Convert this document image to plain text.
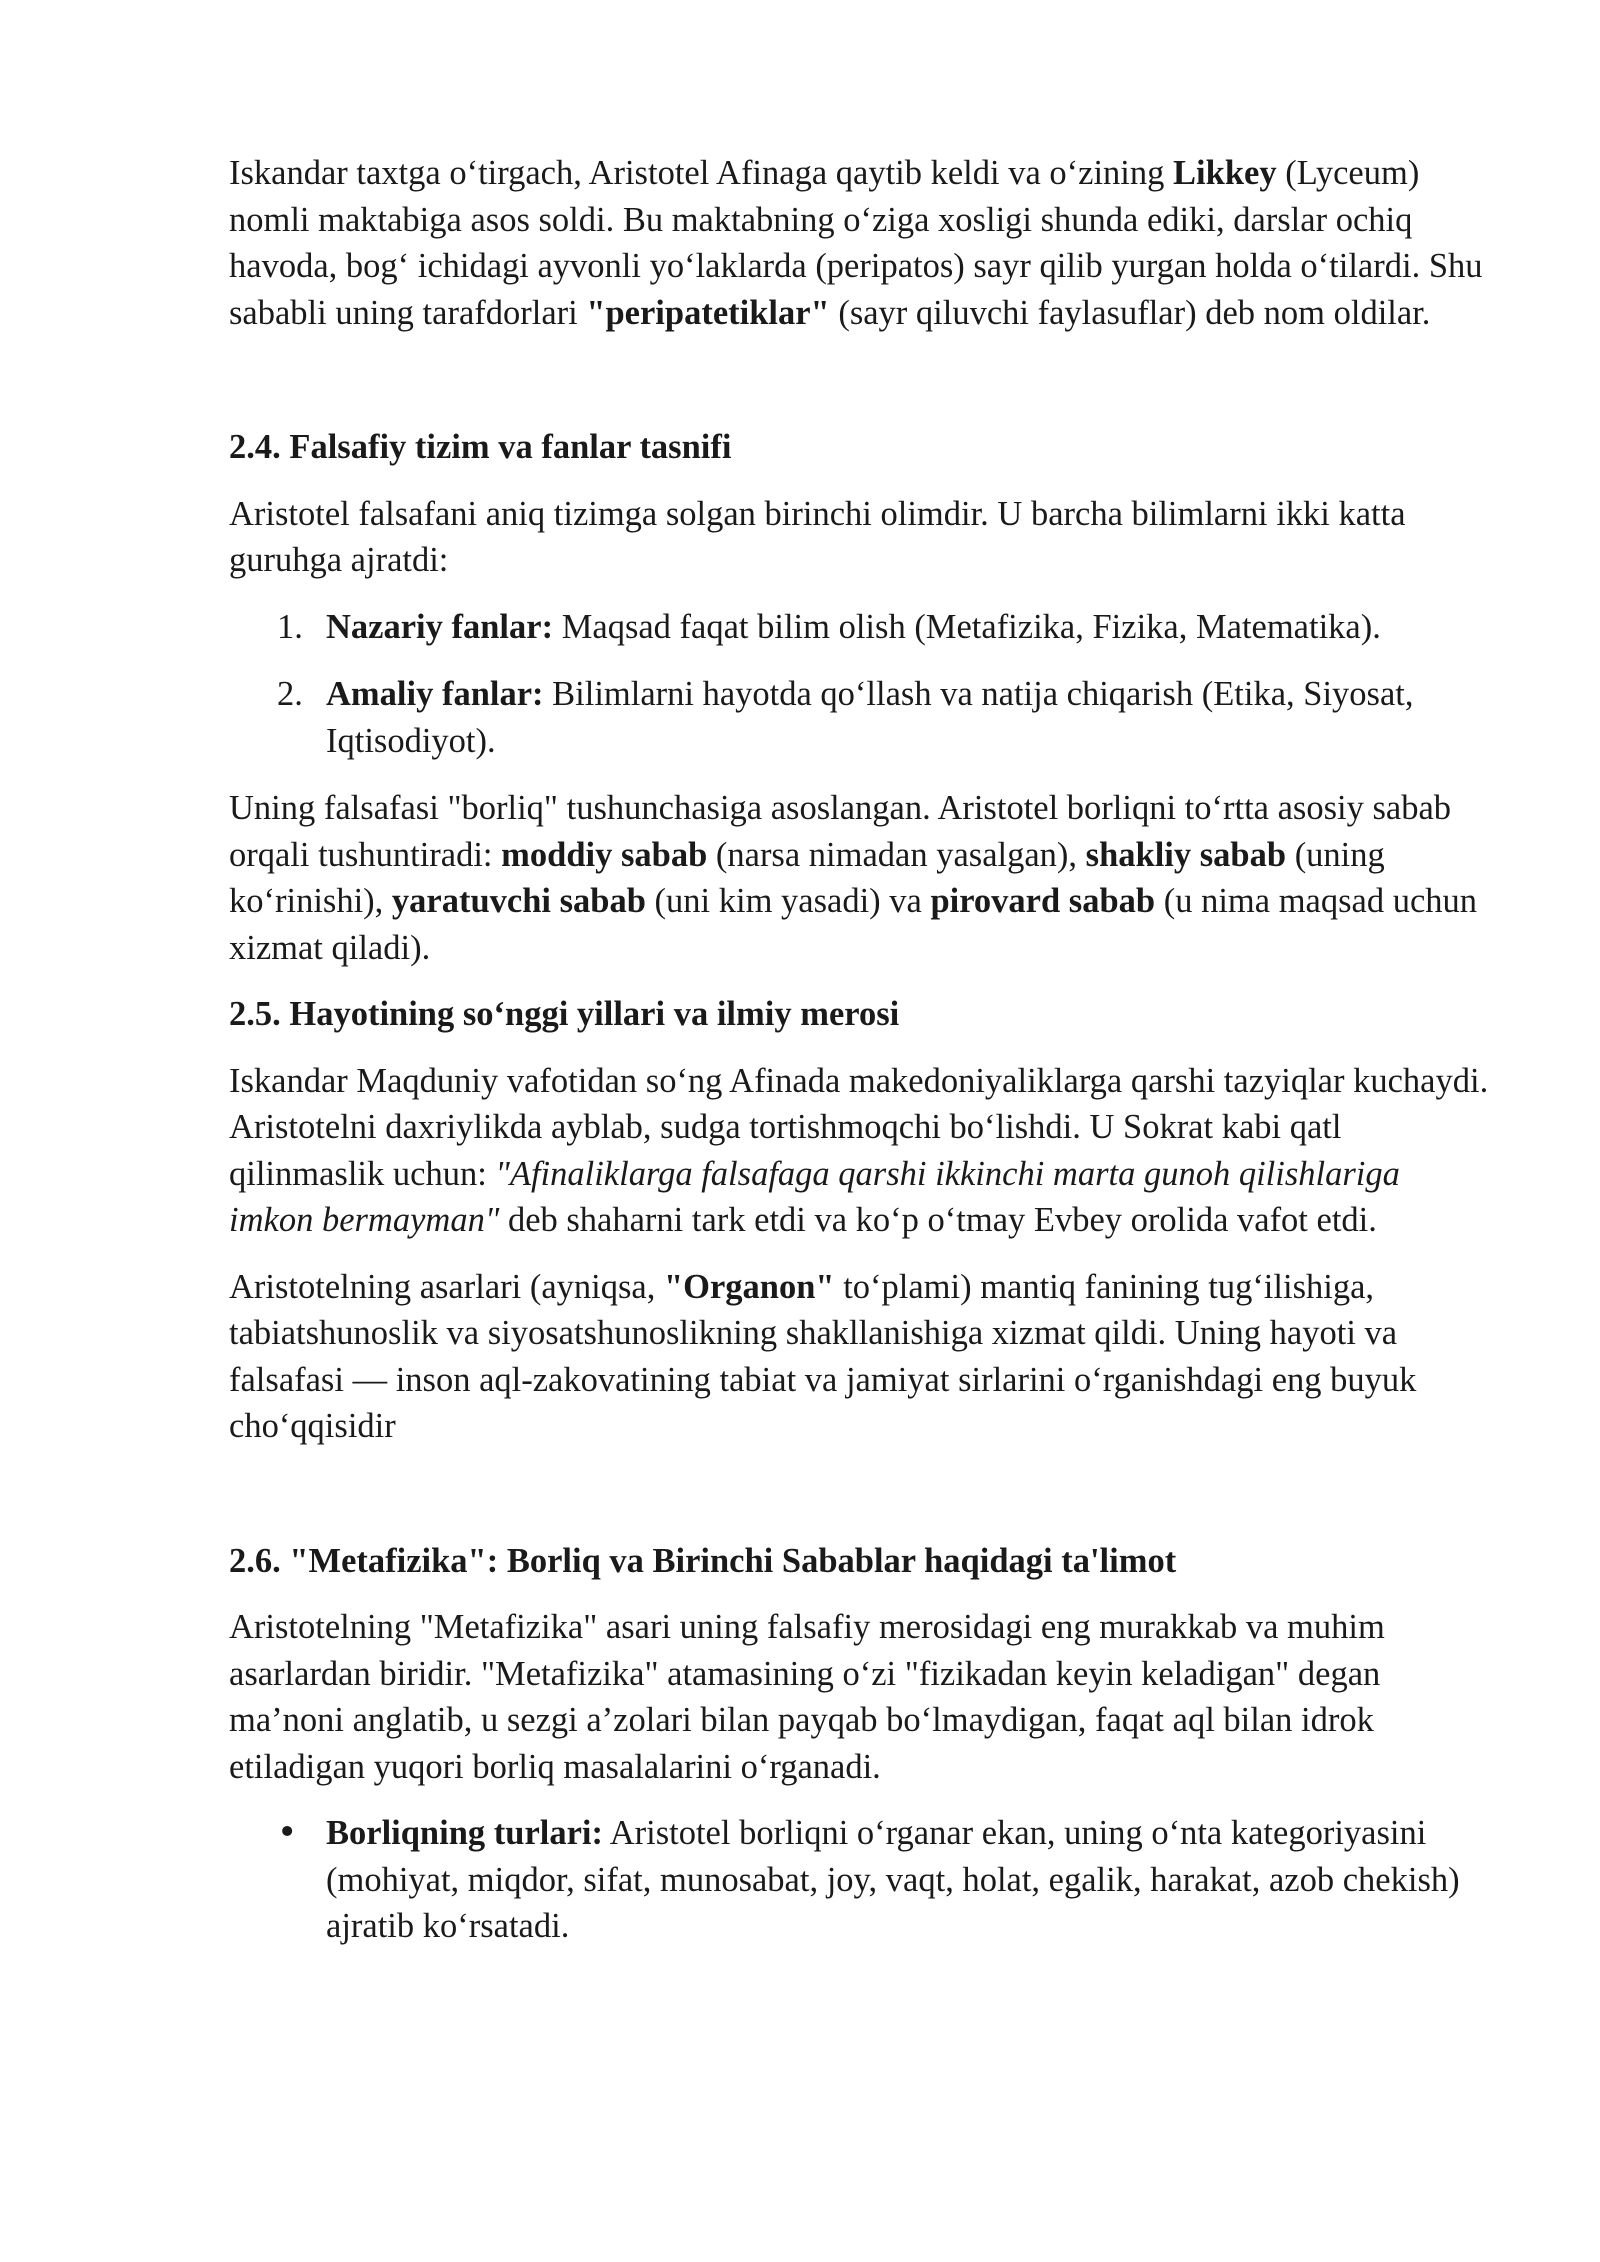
Iskandar taxtga o‘tirgach, Aristotel Afinaga qaytib keldi va o‘zining Likkey (Lyceum) nomli maktabiga asos soldi. Bu maktabning o‘ziga xosligi shunda ediki, darslar ochiq havoda, bog‘ ichidagi ayvonli yo‘laklarda (peripatos) sayr qilib yurgan holda o‘tilardi. Shu sababli uning tarafdorlari "peripatetiklar" (sayr qiluvchi faylasuflar) deb nom oldilar.

2.4. Falsafiy tizim va fanlar tasnifi

Aristotel falsafani aniq tizimga solgan birinchi olimdir. U barcha bilimlarni ikki katta guruhga ajratdi:

1. Nazariy fanlar: Maqsad faqat bilim olish (Metafizika, Fizika, Matematika).
2. Amaliy fanlar: Bilimlarni hayotda qo‘llash va natija chiqarish (Etika, Siyosat, Iqtisodiyot).

Uning falsafasi "borliq" tushunchasiga asoslangan. Aristotel borliqni to‘rtta asosiy sabab orqali tushuntiradi: moddiy sabab (narsa nimadan yasalgan), shakliy sabab (uning ko‘rinishi), yaratuvchi sabab (uni kim yasadi) va pirovard sabab (u nima maqsad uchun xizmat qiladi).

2.5. Hayotining so‘nggi yillari va ilmiy merosi

Iskandar Maqduniy vafotidan so‘ng Afinada makedoniyaliklarga qarshi tazyiqlar kuchaydi. Aristotelni daxriylikda ayblab, sudga tortishmoqchi bo‘lishdi. U Sokrat kabi qatl qilinmaslik uchun: "Afinaliklarga falsafaga qarshi ikkinchi marta gunoh qilishlariga imkon bermayman" deb shaharni tark etdi va ko‘p o‘tmay Evbey orolida vafot etdi.

Aristotelning asarlari (ayniqsa, "Organon" to‘plami) mantiq fanining tug‘ilishiga, tabiatshunoslik va siyosatshunoslikning shakllanishiga xizmat qildi. Uning hayoti va falsafasi — inson aql-zakovatining tabiat va jamiyat sirlarini o‘rganishdagi eng buyuk cho‘qqisidir

2.6. "Metafizika": Borliq va Birinchi Sabablar haqidagi ta'limot

Aristotelning "Metafizika" asari uning falsafiy merosidagi eng murakkab va muhim asarlardan biridir. "Metafizika" atamasining o‘zi "fizikadan keyin keladigan" degan ma’noni anglatib, u sezgi a’zolari bilan payqab bo‘lmaydigan, faqat aql bilan idrok etiladigan yuqori borliq masalalarini o‘rganadi.

• Borliqning turlari: Aristotel borliqni o‘rganar ekan, uning o‘nta kategoriyasini (mohiyat, miqdor, sifat, munosabat, joy, vaqt, holat, egalik, harakat, azob chekish) ajratib ko‘rsatadi.
